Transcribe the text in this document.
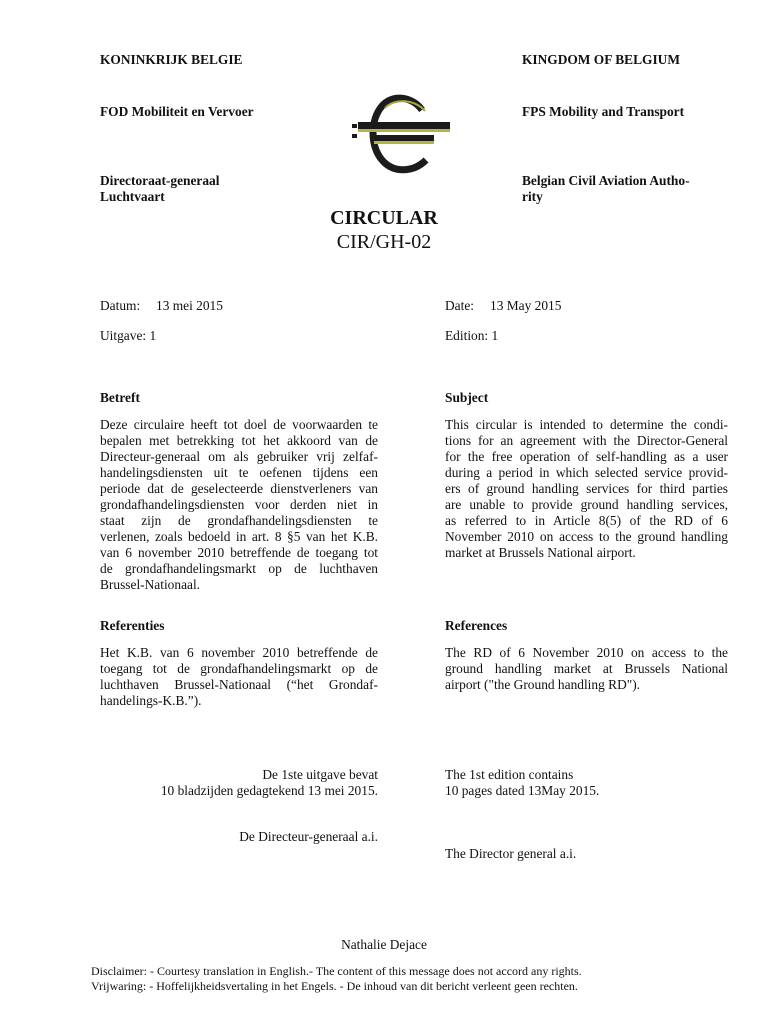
KONINKRIJK BELGIE	KINGDOM OF BELGIUM
FOD Mobiliteit en Vervoer	FPS Mobility and Transport
Directoraat-generaal
Luchtvaart
Belgian Civil Aviation Autho-
rity
CIRCULAR
CIR/GH-02
Datum: 13 mei 2015	Date: 13 May 2015
Uitgave: 1	Edition: 1
Betreft	Subject
Deze circulaire heeft tot doel de voorwaarden te
bepalen met betrekking tot het akkoord van de
Directeur-generaal om als gebruiker vrij zelfaf-
handelingsdiensten uit te oefenen tijdens een
periode dat de geselecteerde dienstverleners van
grondafhandelingsdiensten voor derden niet in
staat zijn de grondafhandelingsdiensten te
verlenen, zoals bedoeld in art. 8 §5 van het K.B.
van 6 november 2010 betreffende de toegang tot
de grondafhandelingsmarkt op de luchthaven
Brussel-Nationaal.
This circular is intended to determine the condi-
tions for an agreement with the Director-General
for the free operation of self-handling as a user
during a period in which selected service provid-
ers of ground handling services for third parties
are unable to provide ground handling services,
as referred to in Article 8(5) of the RD of 6
November 2010 on access to the ground handling
market at Brussels National airport.
Referenties	References
Het K.B. van 6 november 2010 betreffende de
toegang tot de grondafhandelingsmarkt op de
luchthaven Brussel-Nationaal (“het Grondaf-
handelings-K.B.”).
The RD of 6 November 2010 on access to the
ground handling market at Brussels National
airport ("the Ground handling RD").
De 1ste uitgave bevat
10 bladzijden gedagtekend 13 mei 2015.
The 1st edition contains
10 pages dated 13May 2015.
De Directeur-generaal a.i.
The Director general a.i.
Nathalie Dejace
Disclaimer: - Courtesy translation in English.- The content of this message does not accord any rights.
Vrijwaring: - Hoffelijkheidsvertaling in het Engels. - De inhoud van dit bericht verleent geen rechten.
